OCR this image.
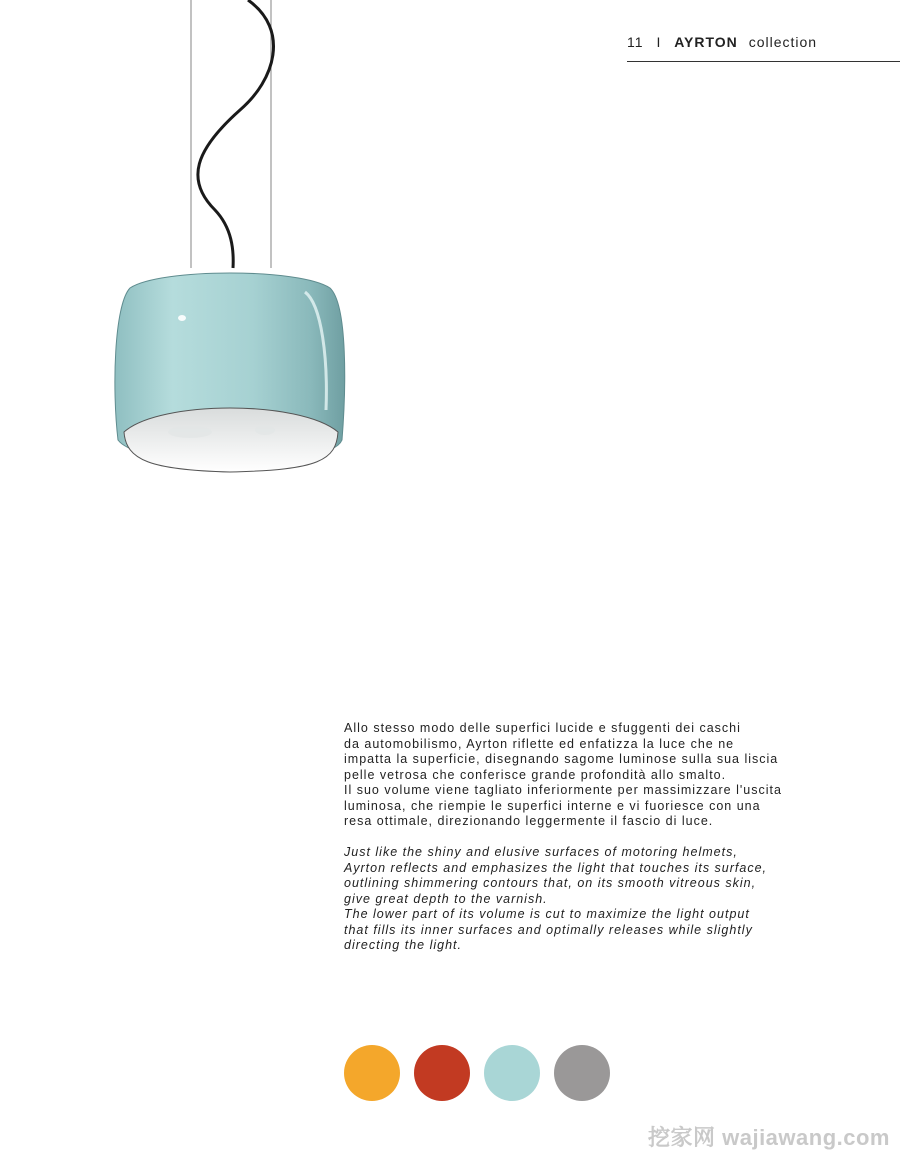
11 I AYRTON collection

Allo stesso modo delle superfici lucide e sfuggenti dei caschi
da automobilismo, Ayrton riflette ed enfatizza la luce che ne
impatta la superficie, disegnando sagome luminose sulla sua liscia
pelle vetrosa che conferisce grande profondità allo smalto.
Il suo volume viene tagliato inferiormente per massimizzare l'uscita
luminosa, che riempie le superfici interne e vi fuoriesce con una
resa ottimale, direzionando leggermente il fascio di luce.

Just like the shiny and elusive surfaces of motoring helmets,
Ayrton reflects and emphasizes the light that touches its surface,
outlining shimmering contours that, on its smooth vitreous skin,
give great depth to the varnish.
The lower part of its volume is cut to maximize the light output
that fills its inner surfaces and optimally releases while slightly
directing the light.

挖家网 wajiawang.com
